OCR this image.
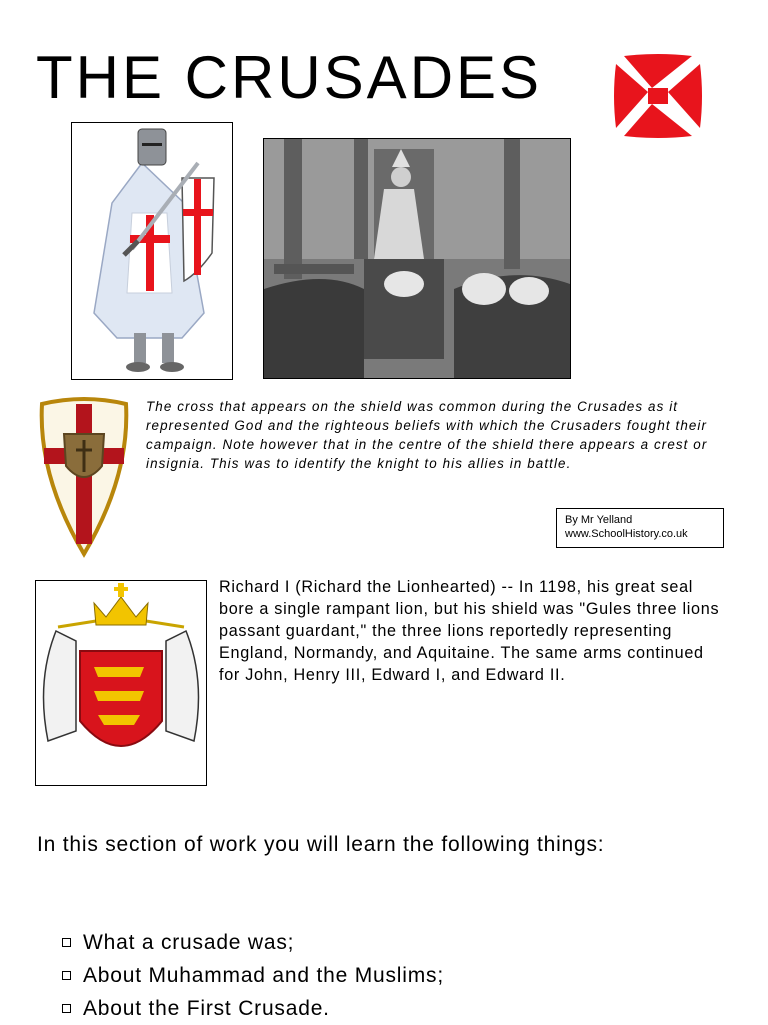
THE CRUSADES
The cross that appears on the shield was common during the Crusades as it represented God and the righteous beliefs with which the Crusaders fought their campaign. Note however that in the centre of the shield there appears a crest or insignia. This was to identify the knight to his allies in battle.
By Mr Yelland
www.SchoolHistory.co.uk
Richard I (Richard the Lionhearted) -- In 1198, his great seal bore a single rampant lion, but his shield was "Gules three lions passant guardant," the three lions reportedly representing England, Normandy, and Aquitaine. The same arms continued for John, Henry III, Edward I, and Edward II.
In this section of work you will learn the following things:
What a crusade was;
About Muhammad and the Muslims;
About the First Crusade.
